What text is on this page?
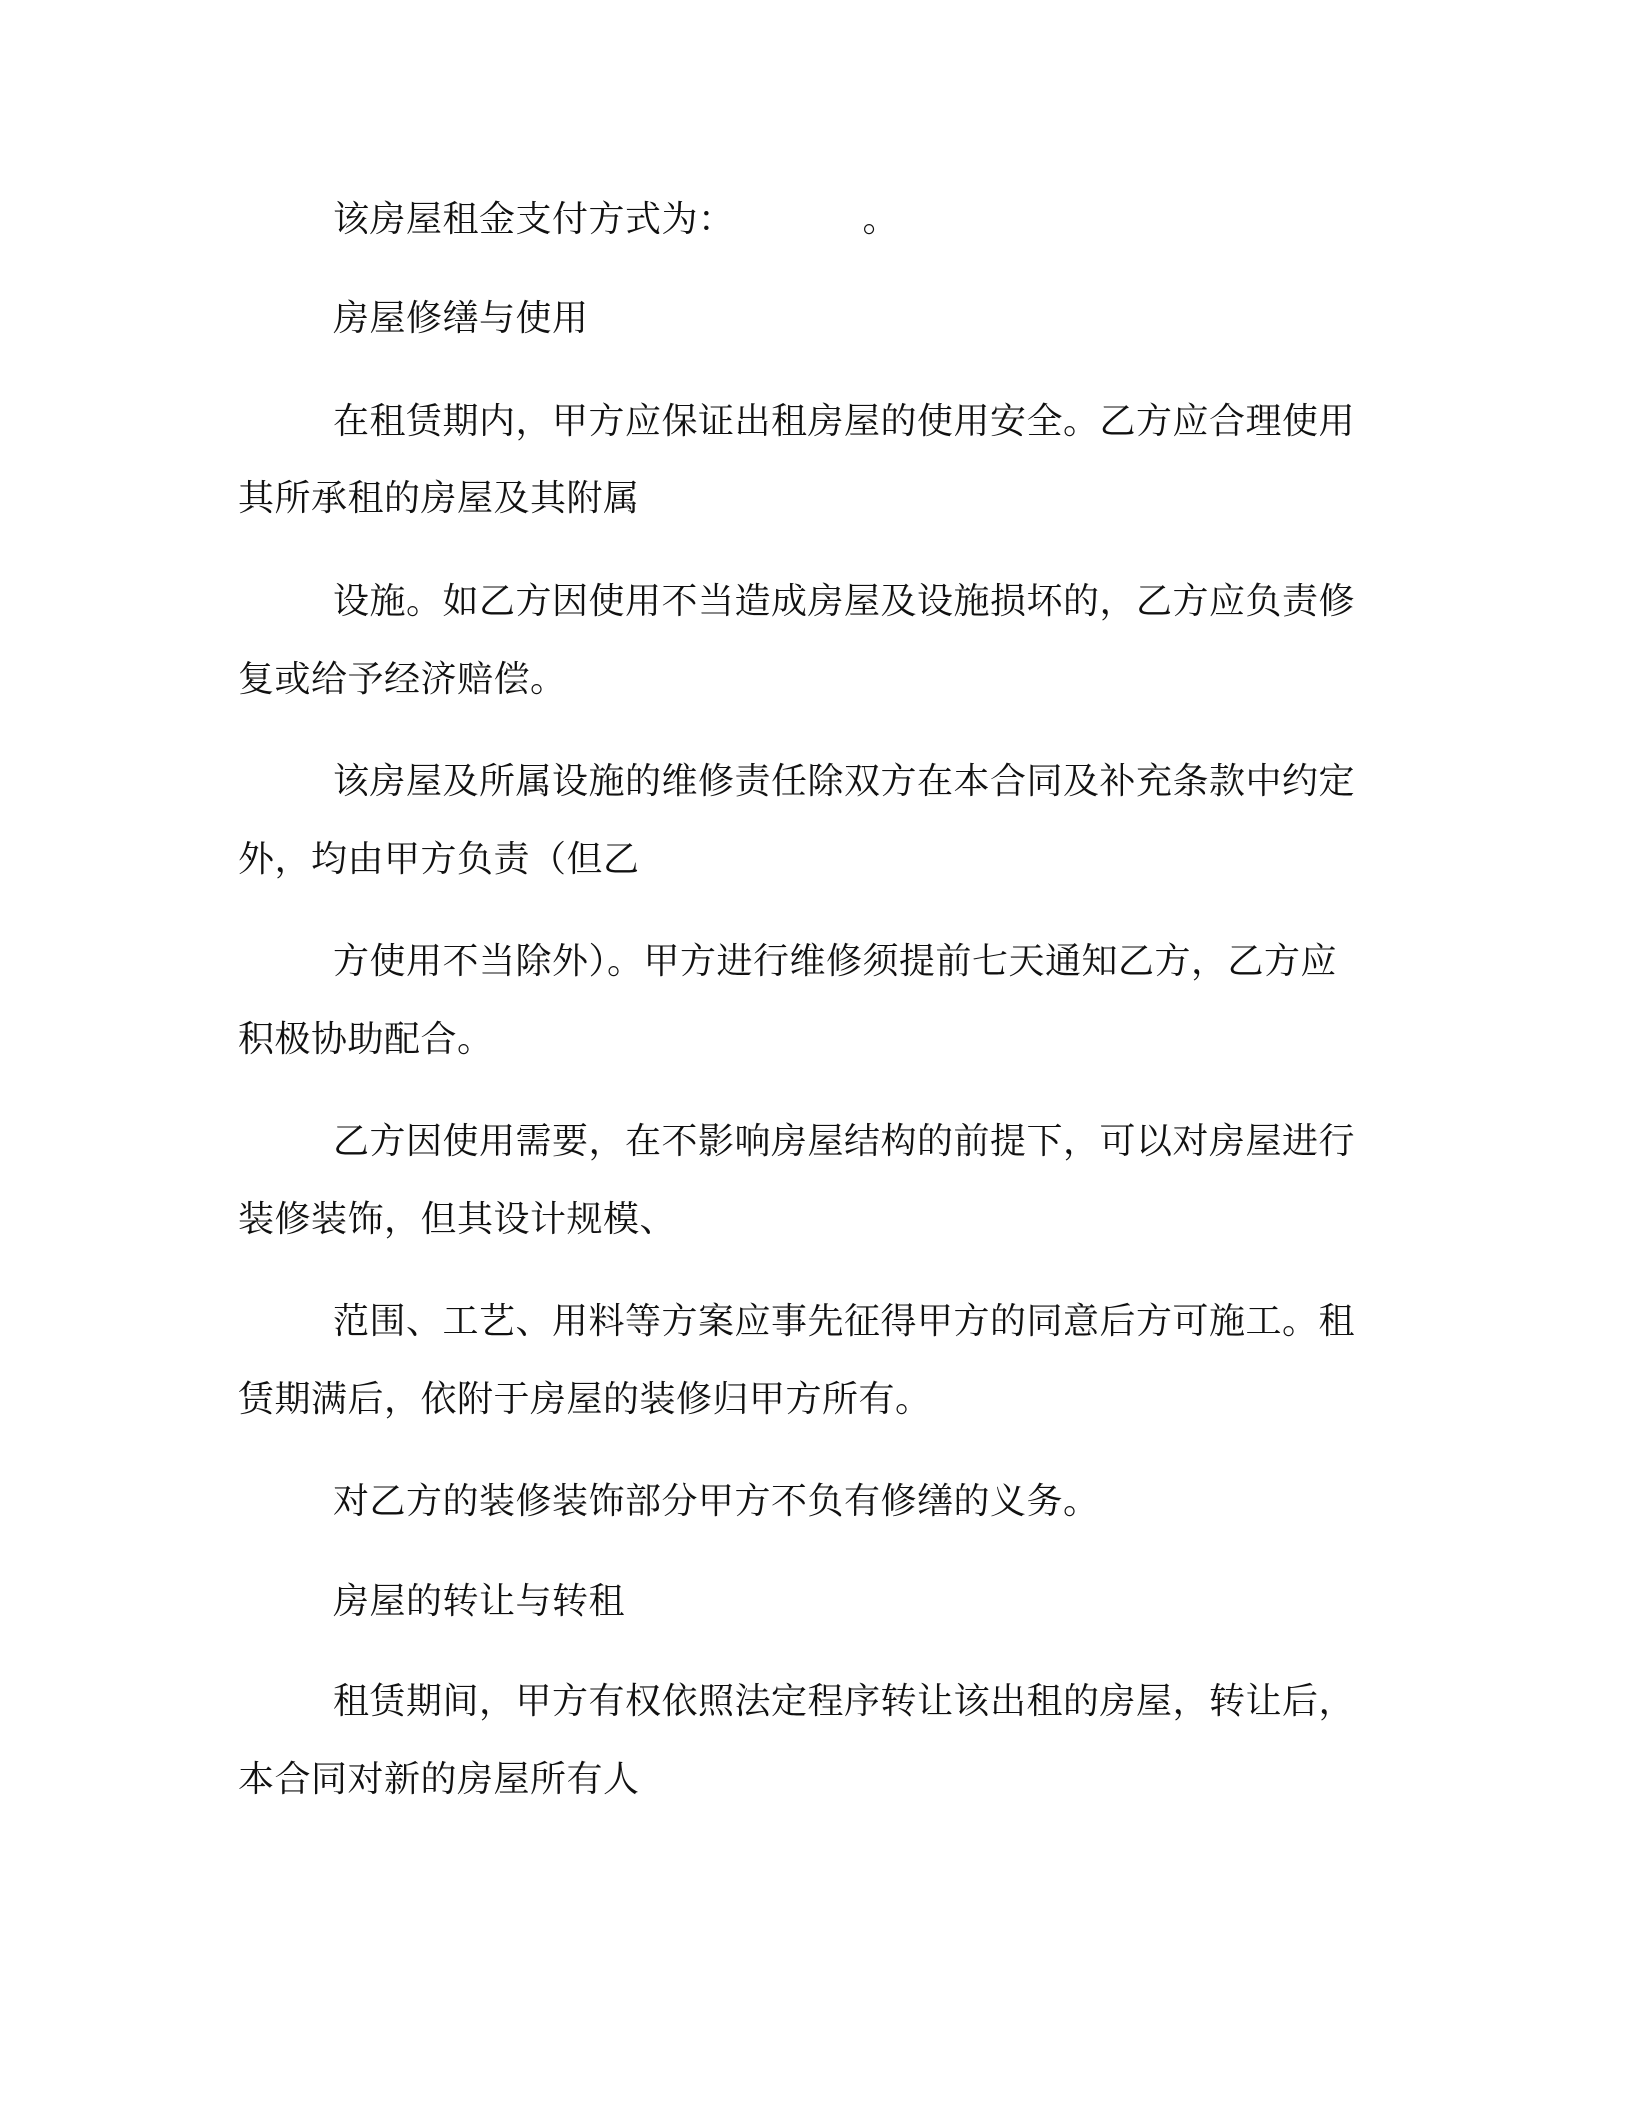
该房屋租金支付方式为：	。
房屋修缮与使用
在租赁期内，甲方应保证出租房屋的使用安全。乙方应合理使用
其所承租的房屋及其附属
设施。如乙方因使用不当造成房屋及设施损坏的，乙方应负责修
复或给予经济赔偿。
该房屋及所属设施的维修责任除双方在本合同及补充条款中约定
外，均由甲方负责（但乙
方使用不当除外）。甲方进行维修须提前七天通知乙方，乙方应
积极协助配合。
乙方因使用需要，在不影响房屋结构的前提下，可以对房屋进行
装修装饰，但其设计规模、
范围、工艺、用料等方案应事先征得甲方的同意后方可施工。租
赁期满后，依附于房屋的装修归甲方所有。
对乙方的装修装饰部分甲方不负有修缮的义务。
房屋的转让与转租
租赁期间，甲方有权依照法定程序转让该出租的房屋，转让后，
本合同对新的房屋所有人
